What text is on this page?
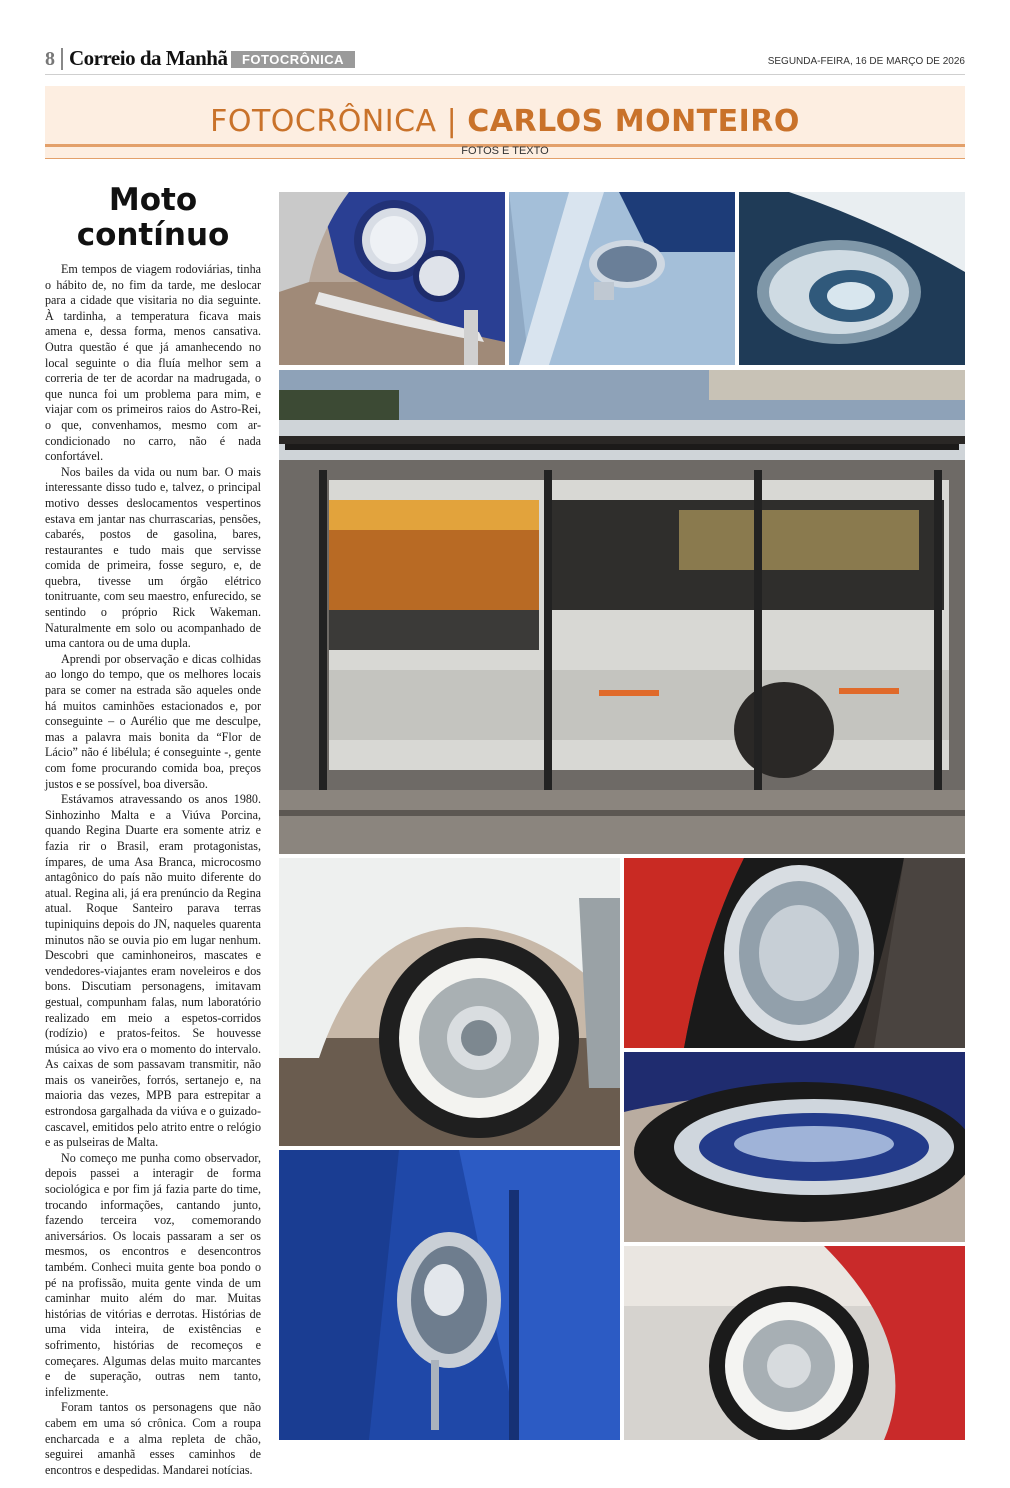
8 Correio da Manhã	FOTOCRÔNICA	SEGUNDA-FEIRA, 16 DE MARÇO DE 2026
FOTOCRÔNICA | CARLOS MONTEIRO
FOTOS E TEXTO
Moto
contínuo

Em tempos de viagem rodoviárias, tinha o hábito de, no fim da tarde, me deslocar para a cidade que visitaria no dia seguinte. À tardinha, a temperatura ficava mais amena e, dessa forma, menos cansativa. Outra questão é que já amanhecendo no local seguinte o dia fluía melhor sem a correria de ter de acordar na madrugada, o que nunca foi um problema para mim, e viajar com os primeiros raios do Astro-Rei, o que, convenhamos, mesmo com ar-condicionado no carro, não é nada confortável.

Nos bailes da vida ou num bar. O mais interessante disso tudo e, talvez, o principal motivo desses deslocamentos vespertinos estava em jantar nas churrascarias, pensões, cabarés, postos de gasolina, bares, restaurantes e tudo mais que servisse comida de primeira, fosse seguro, e, de quebra, tivesse um órgão elétrico tonitruante, com seu maestro, enfurecido, se sentindo o próprio Rick Wakeman. Naturalmente em solo ou acompanhado de uma cantora ou de uma dupla.

Aprendi por observação e dicas colhidas ao longo do tempo, que os melhores locais para se comer na estrada são aqueles onde há muitos caminhões estacionados e, por conseguinte – o Aurélio que me desculpe, mas a palavra mais bonita da “Flor de Lácio” não é libélula; é conseguinte -, gente com fome procurando comida boa, preços justos e se possível, boa diversão.

Estávamos atravessando os anos 1980. Sinhozinho Malta e a Viúva Porcina, quando Regina Duarte era somente atriz e fazia rir o Brasil, eram protagonistas, ímpares, de uma Asa Branca, microcosmo antagônico do país não muito diferente do atual. Regina ali, já era prenúncio da Regina atual. Roque Santeiro parava terras tupiniquins depois do JN, naqueles quarenta minutos não se ouvia pio em lugar nenhum. Descobri que caminhoneiros, mascates e vendedores-viajantes eram noveleiros e dos bons. Discutiam personagens, imitavam gestual, compunham falas, num laboratório realizado em meio a espetos-corridos (rodízio) e pratos-feitos. Se houvesse música ao vivo era o momento do intervalo. As caixas de som passavam transmitir, não mais os vaneirões, forrós, sertanejo e, na maioria das vezes, MPB para estrepitar a estrondosa gargalhada da viúva e o guizado-cascavel, emitidos pelo atrito entre o relógio e as pulseiras de Malta.

No começo me punha como observador, depois passei a interagir de forma sociológica e por fim já fazia parte do time, trocando informações, cantando junto, fazendo terceira voz, comemorando aniversários. Os locais passaram a ser os mesmos, os encontros e desencontros também. Conheci muita gente boa pondo o pé na profissão, muita gente vinda de um caminhar muito além do mar. Muitas histórias de vitórias e derrotas. Histórias de uma vida inteira, de existências e sofrimento, histórias de recomeços e começares. Algumas delas muito marcantes e de superação, outras nem tanto, infelizmente.

Foram tantos os personagens que não cabem em uma só crônica. Com a roupa encharcada e a alma repleta de chão, seguirei amanhã esses caminhos de encontros e despedidas. Mandarei notícias.
